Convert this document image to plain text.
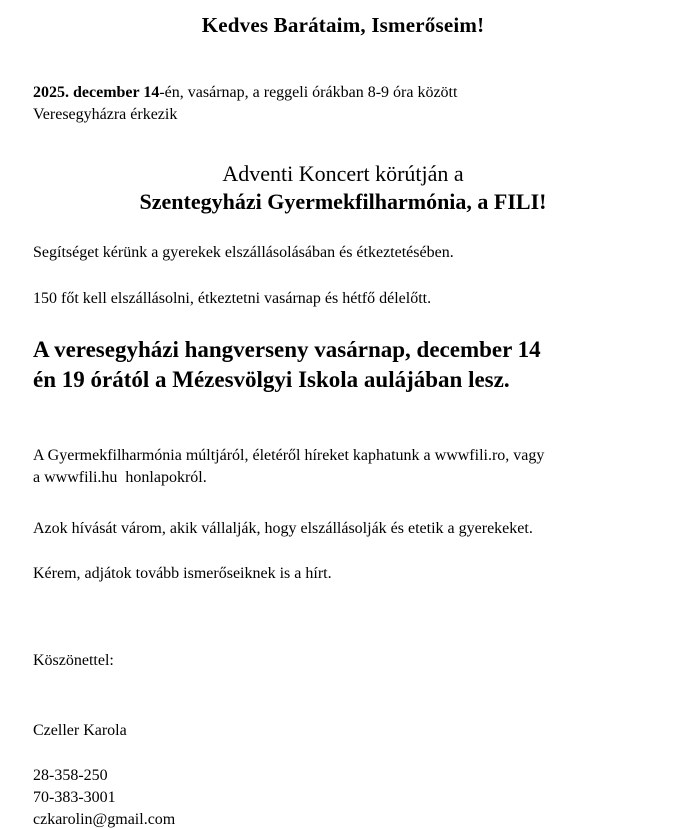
Kedves Barátaim, Ismerőseim!

2025. december 14-én, vasárnap, a reggeli órákban 8-9 óra között
Veresegyházra érkezik

Adventi Koncert körútján a
Szentegyházi Gyermekfilharmónia, a FILI!

Segítséget kérünk a gyerekek elszállásolásában és étkeztetésében.

150 főt kell elszállásolni, étkeztetni vasárnap és hétfő délelőtt.

A veresegyházi hangverseny vasárnap, december 14
én 19 órától a Mézesvölgyi Iskola aulájában lesz.

A Gyermekfilharmónia múltjáról, életéről híreket kaphatunk a wwwfili.ro, vagy
a wwwfili.hu  honlapokról.

Azok hívását várom, akik vállalják, hogy elszállásolják és etetik a gyerekeket.

Kérem, adjátok tovább ismerőseiknek is a hírt.

Köszönettel:

Czeller Karola

28-358-250

70-383-3001

czkarolin@gmail.com
